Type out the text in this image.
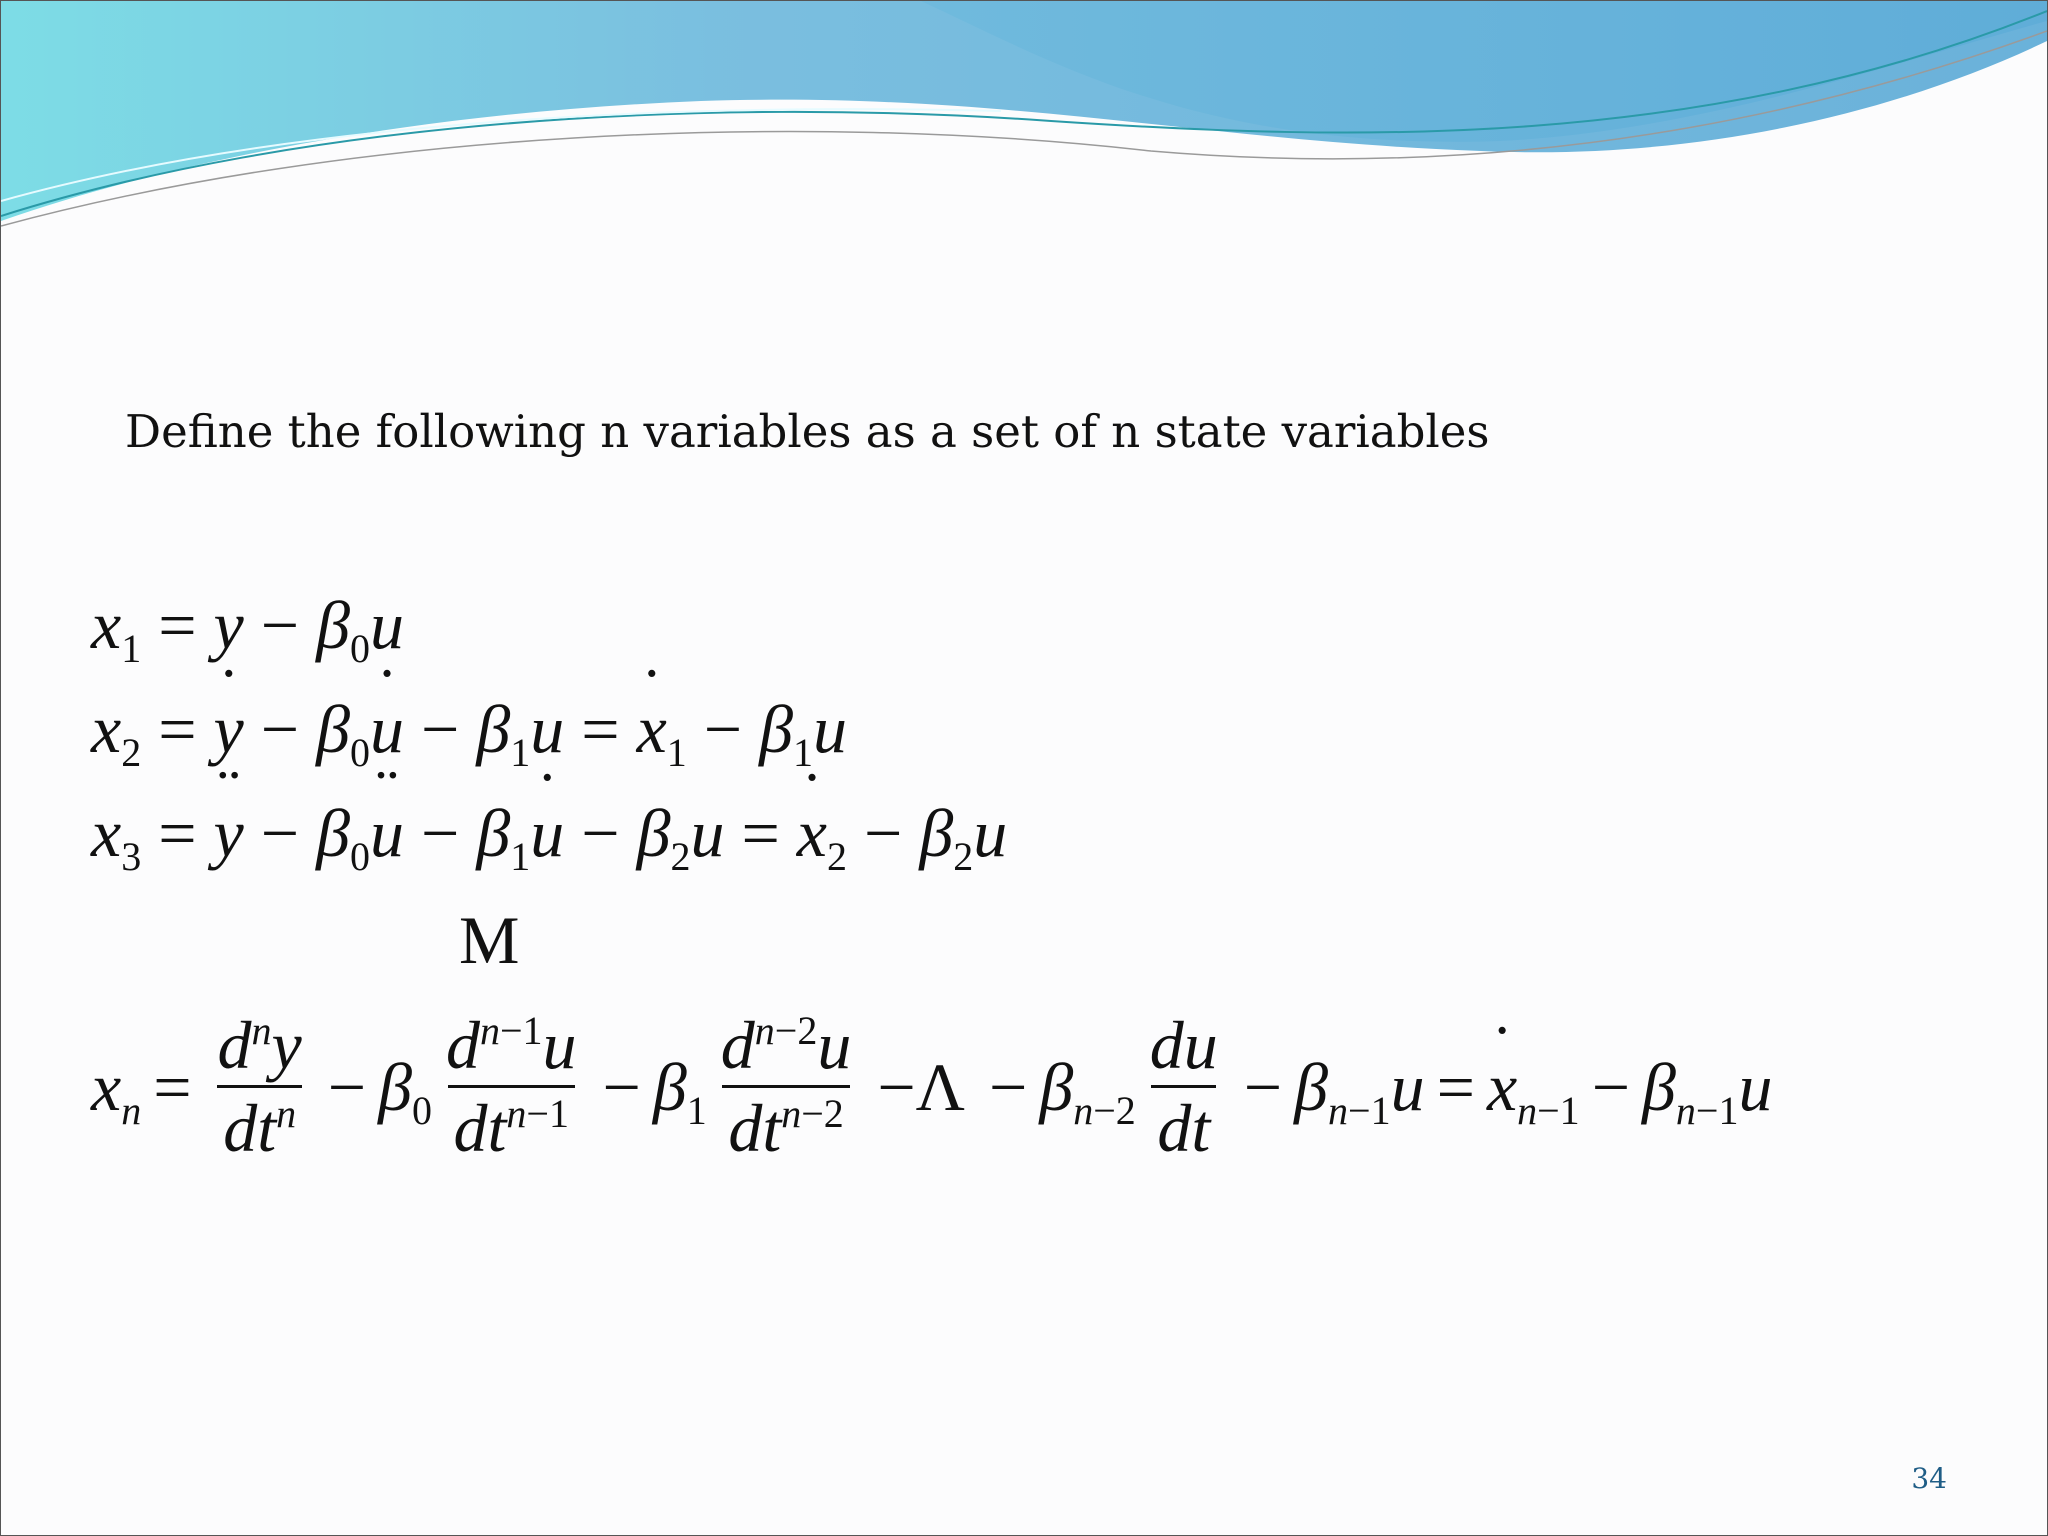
Define the following n variables as a set of n state variables
$x_1 = y - \beta_0u$
$x_2 = y$ ˙ − $\beta_0u$ ˙ − $\beta_1u = x$ $˙_1 - \beta_1u$
$x_3 = y$ ¨ − $\beta_0u$ ¨ − $\beta_1u$ ˙ − $\beta_2u = x$ $˙_2 - \beta_2u$
M
$x_n = \frac{d^ny}{dt^n} - \beta_0 \frac{d^{n-1}u}{dt^{n-1}} - \beta_1 \frac{d^{n-2}u}{dt^{n-2}} -\Lambda - \beta_{n-2} \frac{du}{dt} - \beta_{n-1}u = x$ $˙_{n-1} - \beta_{n-1}u$
34
